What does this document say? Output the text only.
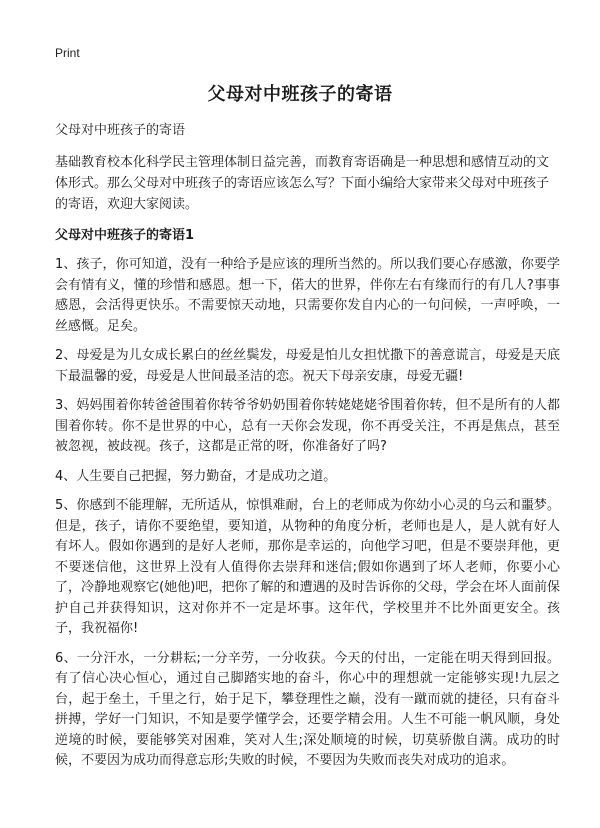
Print
父母对中班孩子的寄语

父母对中班孩子的寄语

基础教育校本化科学民主管理体制日益完善，而教育寄语确是一种思想和感情互动的文体形式。那么父母对中班孩子的寄语应该怎么写？下面小编给大家带来父母对中班孩子的寄语，欢迎大家阅读。

父母对中班孩子的寄语1

1、孩子，你可知道，没有一种给予是应该的理所当然的。所以我们要心存感激，你要学会有情有义，懂的珍惜和感恩。想一下，偌大的世界，伴你左右有缘而行的有几人?事事感恩，会活得更快乐。不需要惊天动地，只需要你发自内心的一句问候，一声呼唤，一丝感慨。足矣。

2、母爱是为儿女成长累白的丝丝鬓发，母爱是怕儿女担忧撒下的善意谎言，母爱是天底下最温馨的爱，母爱是人世间最圣洁的恋。祝天下母亲安康，母爱无疆!

3、妈妈围着你转爸爸围着你转爷爷奶奶围着你转姥姥姥爷围着你转，但不是所有的人都围着你转。你不是世界的中心，总有一天你会发现，你不再受关注，不再是焦点，甚至被忽视，被歧视。孩子，这都是正常的呀，你准备好了吗?

4、人生要自己把握，努力勤奋，才是成功之道。

5、你感到不能理解，无所适从，惊惧难耐，台上的老师成为你幼小心灵的乌云和噩梦。但是，孩子，请你不要绝望，要知道，从物种的角度分析，老师也是人，是人就有好人有坏人。假如你遇到的是好人老师，那你是幸运的，向他学习吧，但是不要崇拜他，更不要迷信他，这世界上没有人值得你去崇拜和迷信;假如你遇到了坏人老师，你要小心了，冷静地观察它(她他)吧，把你了解的和遭遇的及时告诉你的父母，学会在坏人面前保护自己并获得知识，这对你并不一定是坏事。这年代，学校里并不比外面更安全。孩子，我祝福你!

6、一分汗水，一分耕耘;一分辛劳，一分收获。今天的付出，一定能在明天得到回报。有了信心决心恒心，通过自己脚踏实地的奋斗，你心中的理想就一定能够实现!九层之台，起于垒土，千里之行，始于足下，攀登理性之巅，没有一蹴而就的捷径，只有奋斗拼搏，学好一门知识，不知是要学懂学会，还要学精会用。人生不可能一帆风顺，身处逆境的时候，要能够笑对困难，笑对人生;深处顺境的时候，切莫骄傲自满。成功的时候，不要因为成功而得意忘形;失败的时候，不要因为失败而丧失对成功的追求。
